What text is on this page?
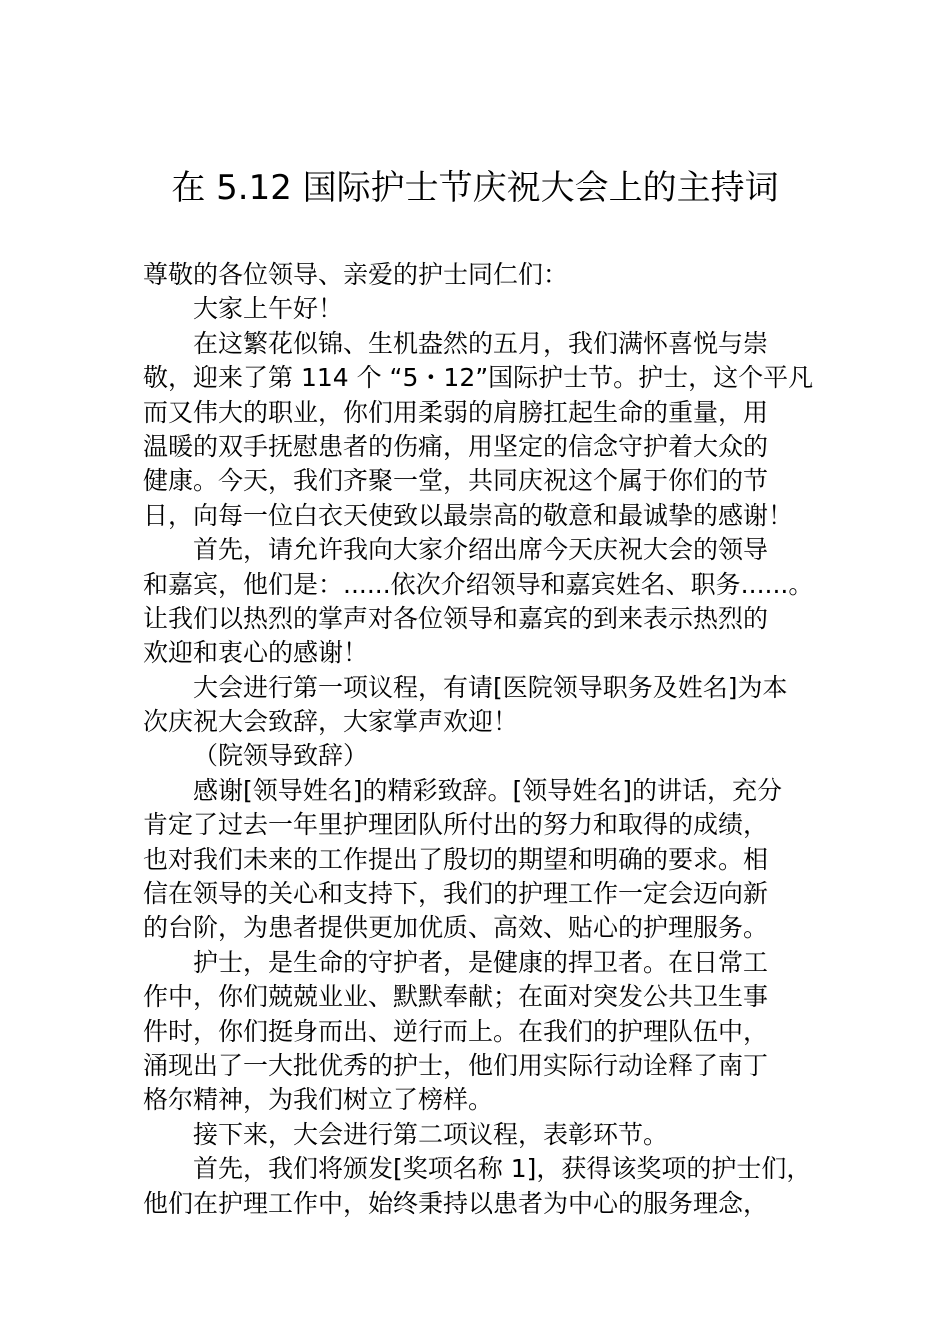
在 5.12 国际护士节庆祝大会上的主持词
尊敬的各位领导、亲爱的护士同仁们：
大家上午好！
在这繁花似锦、生机盎然的五月，我们满怀喜悦与崇
敬，迎来了第 114 个 “5・12”国际护士节。护士，这个平凡
而又伟大的职业，你们用柔弱的肩膀扛起生命的重量，用
温暖的双手抚慰患者的伤痛，用坚定的信念守护着大众的
健康。今天，我们齐聚一堂，共同庆祝这个属于你们的节
日，向每一位白衣天使致以最崇高的敬意和最诚挚的感谢！
首先，请允许我向大家介绍出席今天庆祝大会的领导
和嘉宾，他们是：......依次介绍领导和嘉宾姓名、职务......。
让我们以热烈的掌声对各位领导和嘉宾的到来表示热烈的
欢迎和衷心的感谢！
大会进行第一项议程，有请[医院领导职务及姓名]为本
次庆祝大会致辞，大家掌声欢迎！
（院领导致辞）
感谢[领导姓名]的精彩致辞。[领导姓名]的讲话，充分
肯定了过去一年里护理团队所付出的努力和取得的成绩，
也对我们未来的工作提出了殷切的期望和明确的要求。相
信在领导的关心和支持下，我们的护理工作一定会迈向新
的台阶，为患者提供更加优质、高效、贴心的护理服务。
护士，是生命的守护者，是健康的捍卫者。在日常工
作中，你们兢兢业业、默默奉献；在面对突发公共卫生事
件时，你们挺身而出、逆行而上。在我们的护理队伍中，
涌现出了一大批优秀的护士，他们用实际行动诠释了南丁
格尔精神，为我们树立了榜样。
接下来，大会进行第二项议程，表彰环节。
首先，我们将颁发[奖项名称 1]，获得该奖项的护士们，
他们在护理工作中，始终秉持以患者为中心的服务理念，
